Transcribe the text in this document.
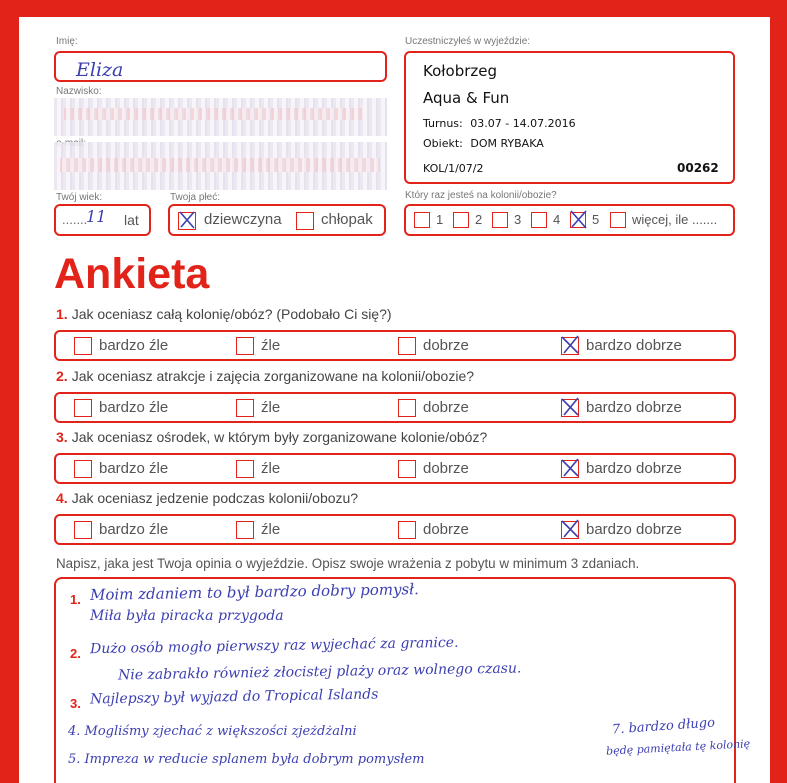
Imię:
Eliza
Nazwisko:
Twój wiek:
.......
11 lat
Twoja płeć:
dziewczyna	chłopak
Uczestniczyłeś w wyjeździe:
Kołobrzeg
Aqua & Fun
Turnus: 03.07 - 14.07.2016
Obiekt: DOM RYBAKA
KOL/1/07/2	00262
Który raz jesteś na kolonii/obozie?
1 2 3 4 5	więcej, ile .......
Ankieta
1. Jak oceniasz całą kolonię/obóz? (Podobało Ci się?)
bardzo źle	źle	dobrze	bardzo dobrze
2. Jak oceniasz atrakcje i zajęcia zorganizowane na kolonii/obozie?
bardzo źle	źle	dobrze	bardzo dobrze
3. Jak oceniasz ośrodek, w którym były zorganizowane kolonie/obóz?
bardzo źle	źle	dobrze	bardzo dobrze
4. Jak oceniasz jedzenie podczas kolonii/obozu?
bardzo źle	źle	dobrze	bardzo dobrze
Napisz, jaka jest Twoja opinia o wyjeździe. Opisz swoje wrażenia z pobytu w minimum 3 zdaniach.
1.
2.
3.
Moim zdaniem to był bardzo dobry pomysł.
Miła była piracka przygoda
Dużo osób mogło pierwszy raz wyjechać za granice.
Nie zabrakło również złocistej plaży oraz wolnego czasu.
Najlepszy był wyjazd do Tropical Islands
4. Mogliśmy zjechać z większości zjeżdżalni
5. Impreza w reducie splanem była dobrym pomysłem
7. bardzo długo
będę pamiętała tę kolonię
